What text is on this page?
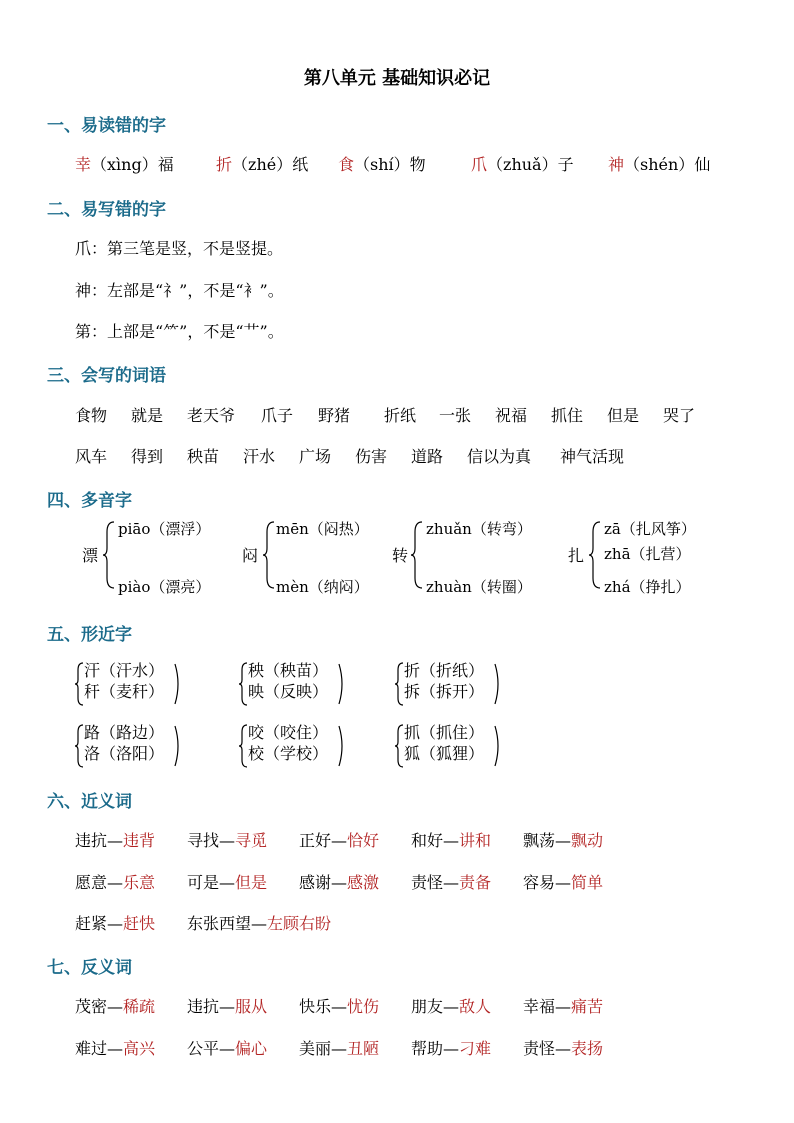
第八单元 基础知识必记
一、易读错的字
幸（xìng）福	折（zhé）纸 食（shí）物	爪（zhuǎ）子 神（shén）仙
二、易写错的字
爪：第三笔是竖，不是竖提。
神：左部是“礻”，不是“衤”。
第：上部是“⺮”，不是“艹”。
三、会写的词语
食物 就是 老天爷 爪子 野猪 折纸 一张 祝福 抓住 但是 哭了
风车 得到 秧苗 汗水 广场 伤害 道路 信以为真 神气活现
四、多音字
漂
piāo（漂浮）
piào（漂亮）
闷
mēn（闷热）
mèn（纳闷）
转
zhuǎn（转弯）
zhuàn（转圈）
扎
zā（扎风筝）
zhā（扎营）
zhá（挣扎）
五、形近字
汗（汗水）
秆（麦秆）
秧（秧苗）
映（反映）
折（折纸）
拆（拆开）
路（路边）
洛（洛阳）
咬（咬住）
校（学校）
抓（抓住）
狐（狐狸）
六、近义词
违抗—违背 寻找—寻觅 正好—恰好 和好—讲和 飘荡—飘动
愿意—乐意 可是—但是 感谢—感激 责怪—责备 容易—简单
赶紧—赶快 东张西望—左顾右盼
七、反义词
茂密—稀疏 违抗—服从 快乐—忧伤 朋友—敌人 幸福—痛苦
难过—高兴 公平—偏心 美丽—丑陋 帮助—刁难 责怪—表扬
